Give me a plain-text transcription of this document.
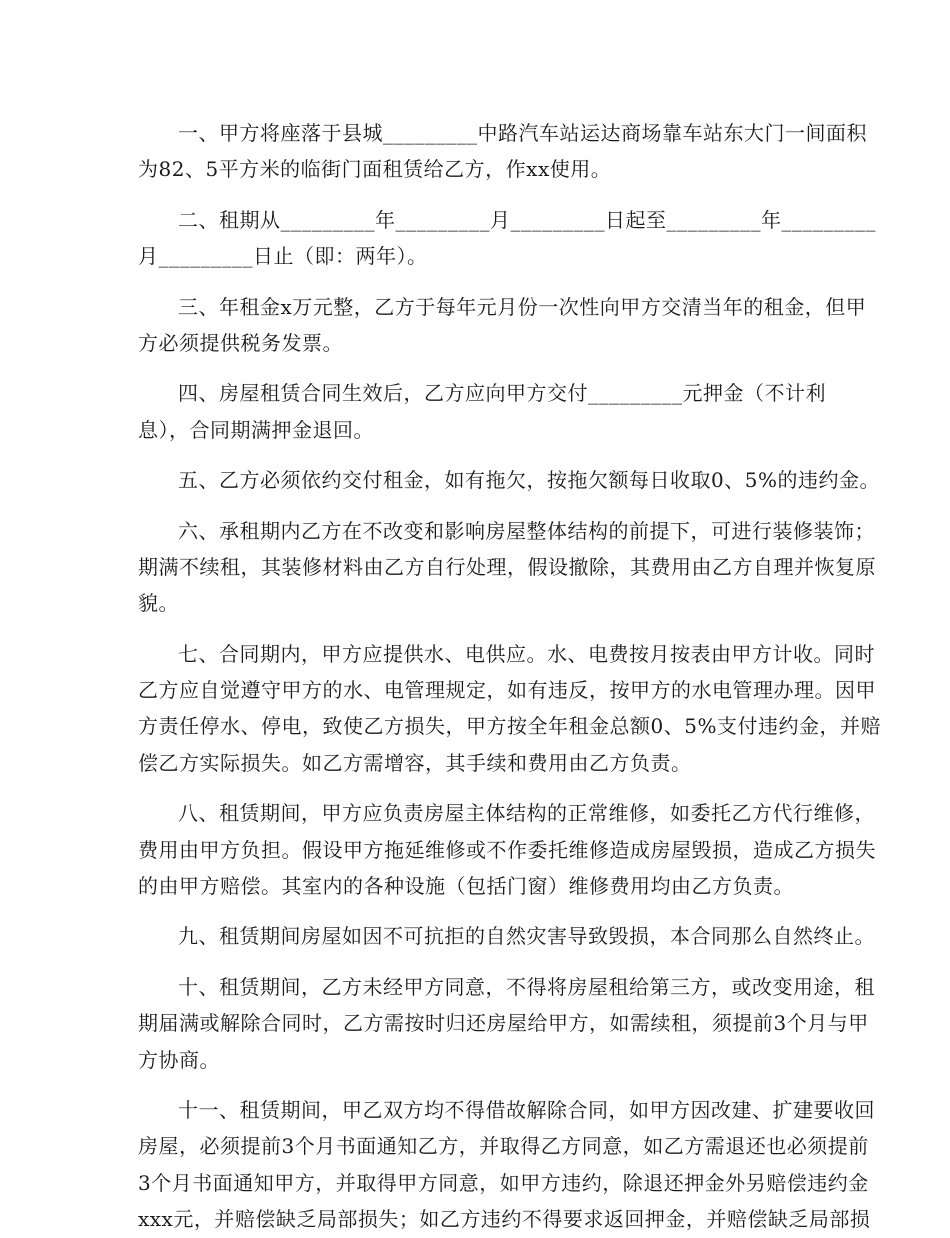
一、甲方将座落于县城_________中路汽车站运达商场靠车站东大门一间面积
为82、5平方米的临街门面租赁给乙方，作xx使用。
二、租期从_________年_________月_________日起至_________年_________
月_________日止（即：两年）。
三、年租金x万元整，乙方于每年元月份一次性向甲方交清当年的租金，但甲
方必须提供税务发票。
四、房屋租赁合同生效后，乙方应向甲方交付_________元押金（不计利
息），合同期满押金退回。
五、乙方必须依约交付租金，如有拖欠，按拖欠额每日收取0、5%的违约金。
六、承租期内乙方在不改变和影响房屋整体结构的前提下，可进行装修装饰；
期满不续租，其装修材料由乙方自行处理，假设撤除，其费用由乙方自理并恢复原
貌。
七、合同期内，甲方应提供水、电供应。水、电费按月按表由甲方计收。同时
乙方应自觉遵守甲方的水、电管理规定，如有违反，按甲方的水电管理办理。因甲
方责任停水、停电，致使乙方损失，甲方按全年租金总额0、5%支付违约金，并赔
偿乙方实际损失。如乙方需增容，其手续和费用由乙方负责。
八、租赁期间，甲方应负责房屋主体结构的正常维修，如委托乙方代行维修，
费用由甲方负担。假设甲方拖延维修或不作委托维修造成房屋毁损，造成乙方损失
的由甲方赔偿。其室内的各种设施（包括门窗）维修费用均由乙方负责。
九、租赁期间房屋如因不可抗拒的自然灾害导致毁损，本合同那么自然终止。
十、租赁期间，乙方未经甲方同意，不得将房屋租给第三方，或改变用途，租
期届满或解除合同时，乙方需按时归还房屋给甲方，如需续租，须提前3个月与甲
方协商。
十一、租赁期间，甲乙双方均不得借故解除合同，如甲方因改建、扩建要收回
房屋，必须提前3个月书面通知乙方，并取得乙方同意，如乙方需退还也必须提前
3个月书面通知甲方，并取得甲方同意，如甲方违约，除退还押金外另赔偿违约金
xxx元，并赔偿缺乏局部损失；如乙方违约不得要求返回押金，并赔偿缺乏局部损
